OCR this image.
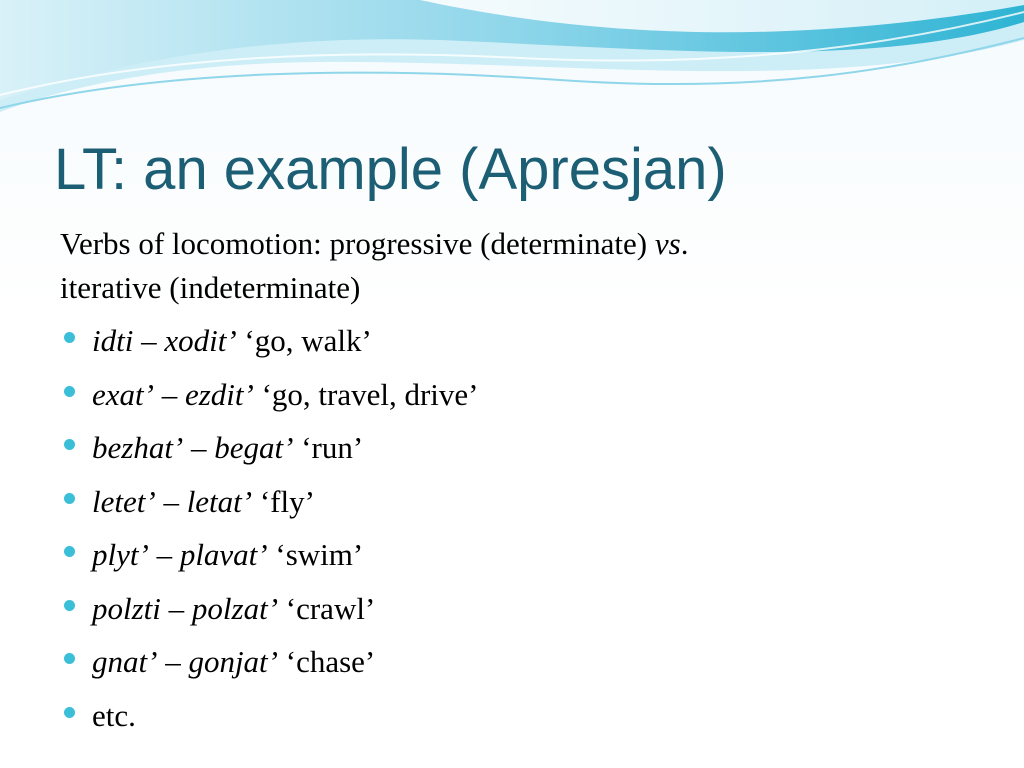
LT: an example (Apresjan)

Verbs of locomotion: progressive (determinate) vs.
iterative (indeterminate)

idti – xodit’ ‘go, walk’
exat’ – ezdit’ ‘go, travel, drive’
bezhat’ – begat’ ‘run’
letet’ – letat’ ‘fly’
plyt’ – plavat’ ‘swim’
polzti – polzat’ ‘crawl’
gnat’ – gonjat’ ‘chase’
etc.
